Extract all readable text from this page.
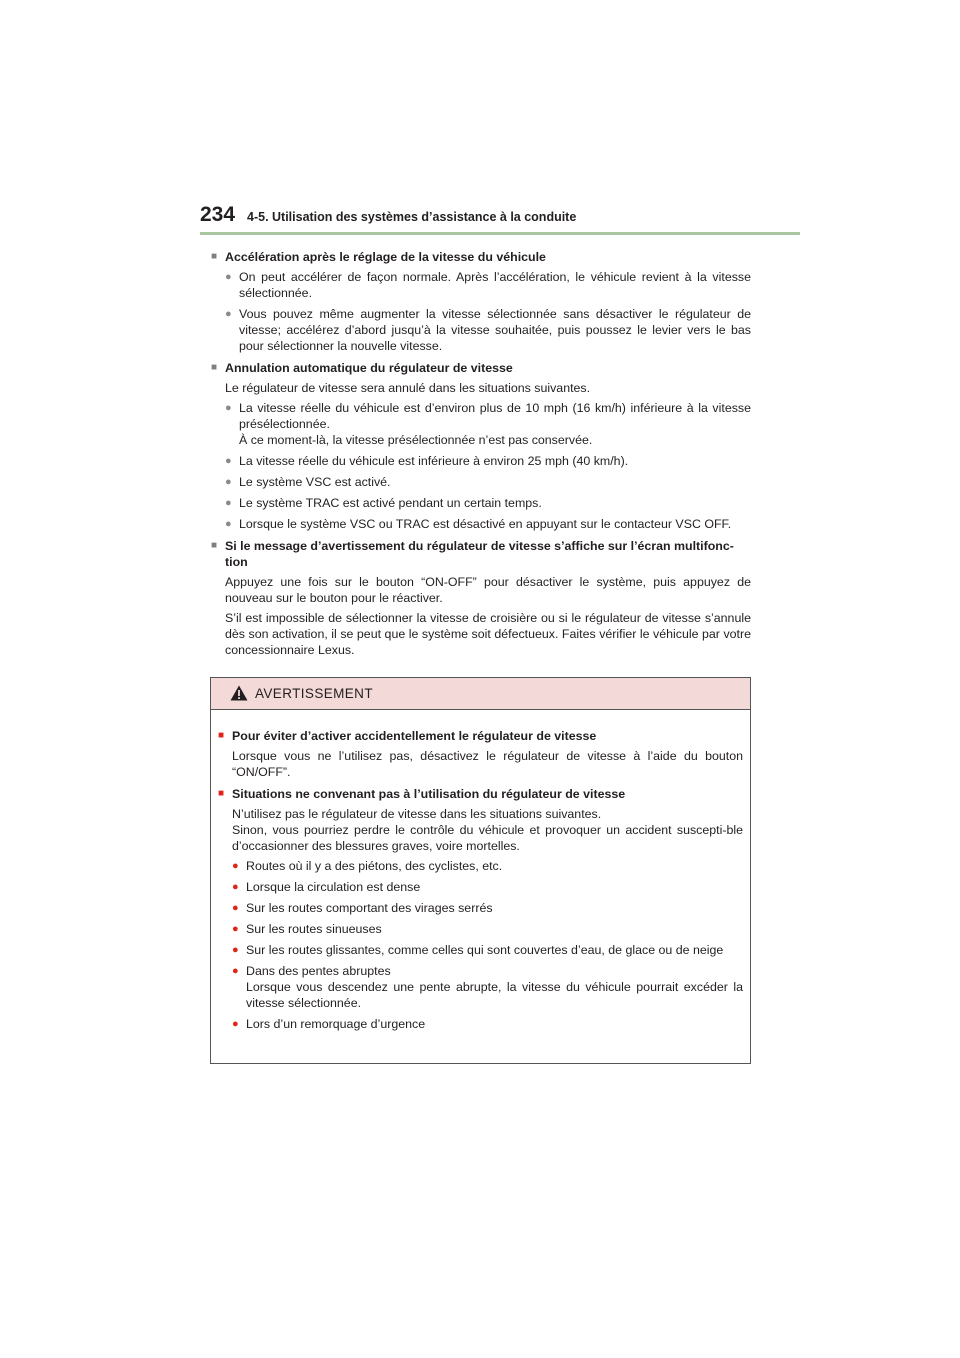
234 4-5. Utilisation des systèmes d’assistance à la conduite
■ Accélération après le réglage de la vitesse du véhicule
● On peut accélérer de façon normale. Après l’accélération, le véhicule revient à la vitesse sélectionnée.
● Vous pouvez même augmenter la vitesse sélectionnée sans désactiver le régulateur de vitesse; accélérez d’abord jusqu’à la vitesse souhaitée, puis poussez le levier vers le bas pour sélectionner la nouvelle vitesse.
■ Annulation automatique du régulateur de vitesse
Le régulateur de vitesse sera annulé dans les situations suivantes.
● La vitesse réelle du véhicule est d’environ plus de 10 mph (16 km/h) inférieure à la vitesse présélectionnée.
À ce moment-là, la vitesse présélectionnée n’est pas conservée.
● La vitesse réelle du véhicule est inférieure à environ 25 mph (40 km/h).
● Le système VSC est activé.
● Le système TRAC est activé pendant un certain temps.
● Lorsque le système VSC ou TRAC est désactivé en appuyant sur le contacteur VSC OFF.
■ Si le message d’avertissement du régulateur de vitesse s’affiche sur l’écran multifonc-tion
Appuyez une fois sur le bouton “ON-OFF” pour désactiver le système, puis appuyez de nouveau sur le bouton pour le réactiver.
S’il est impossible de sélectionner la vitesse de croisière ou si le régulateur de vitesse s’annule dès son activation, il se peut que le système soit défectueux. Faites vérifier le véhicule par votre concessionnaire Lexus.
AVERTISSEMENT
■ Pour éviter d’activer accidentellement le régulateur de vitesse
Lorsque vous ne l’utilisez pas, désactivez le régulateur de vitesse à l’aide du bouton “ON/OFF”.
■ Situations ne convenant pas à l’utilisation du régulateur de vitesse
N’utilisez pas le régulateur de vitesse dans les situations suivantes.
Sinon, vous pourriez perdre le contrôle du véhicule et provoquer un accident suscepti-ble d’occasionner des blessures graves, voire mortelles.
● Routes où il y a des piétons, des cyclistes, etc.
● Lorsque la circulation est dense
● Sur les routes comportant des virages serrés
● Sur les routes sinueuses
● Sur les routes glissantes, comme celles qui sont couvertes d’eau, de glace ou de neige
● Dans des pentes abruptes
Lorsque vous descendez une pente abrupte, la vitesse du véhicule pourrait excéder la vitesse sélectionnée.
● Lors d’un remorquage d’urgence
